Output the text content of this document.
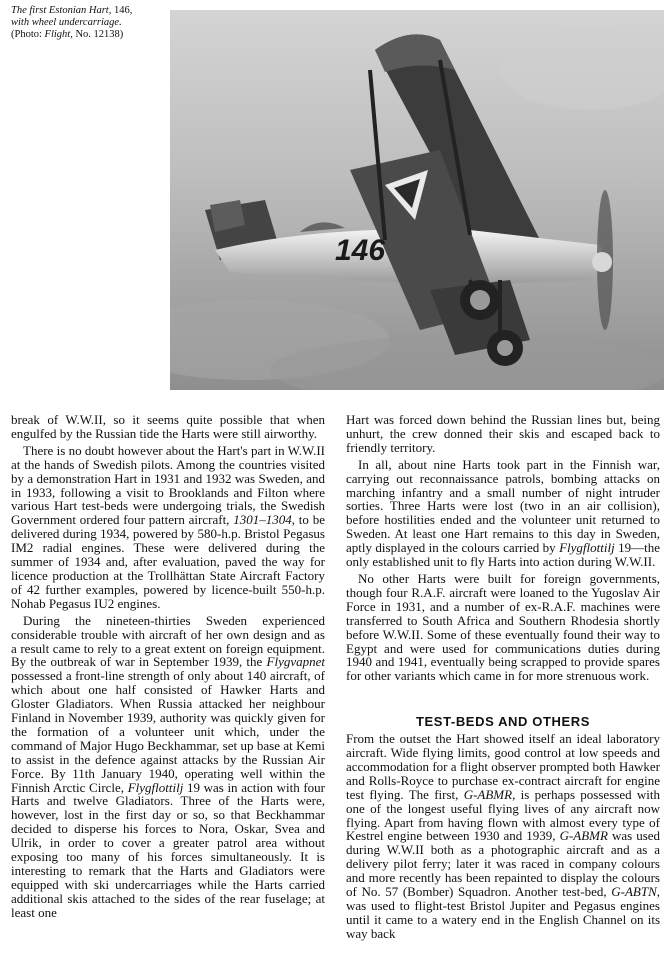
The first Estonian Hart, 146,

with wheel undercarriage.

(Photo: Flight, No. 12138)

146

break of W.W.II, so it seems quite possible that when engulfed by the Russian tide the Harts were still airworthy.

There is no doubt however about the Hart's part in W.W.II at the hands of Swedish pilots. Among the countries visited by a demonstration Hart in 1931 and 1932 was Sweden, and in 1933, following a visit to Brooklands and Filton where various Hart test-beds were undergoing trials, the Swedish Government ordered four pattern aircraft, 1301–1304, to be delivered during 1934, powered by 580-h.p. Bristol Pegasus IM2 radial engines. These were delivered during the summer of 1934 and, after evaluation, paved the way for licence production at the Trollhättan State Aircraft Factory of 42 further examples, powered by licence-built 550-h.p. Nohab Pegasus IU2 engines.

During the nineteen-thirties Sweden experienced considerable trouble with aircraft of her own design and as a result came to rely to a great extent on foreign equipment. By the outbreak of war in September 1939, the Flygvapnet possessed a front-line strength of only about 140 aircraft, of which about one half consisted of Hawker Harts and Gloster Gladiators. When Russia attacked her neighbour Finland in November 1939, authority was quickly given for the formation of a volunteer unit which, under the command of Major Hugo Beckhammar, set up base at Kemi to assist in the defence against attacks by the Russian Air Force. By 11th January 1940, operating well within the Finnish Arctic Circle, Flygflottilj 19 was in action with four Harts and twelve Gladiators. Three of the Harts were, however, lost in the first day or so, so that Beckhammar decided to disperse his forces to Nora, Oskar, Svea and Ulrik, in order to cover a greater patrol area without exposing too many of his forces simultaneously. It is interesting to remark that the Harts and Gladiators were equipped with ski undercarriages while the Harts carried additional skis attached to the sides of the rear fuselage; at least one

Hart was forced down behind the Russian lines but, being unhurt, the crew donned their skis and escaped back to friendly territory.

In all, about nine Harts took part in the Finnish war, carrying out reconnaissance patrols, bombing attacks on marching infantry and a small number of night intruder sorties. Three Harts were lost (two in an air collision), before hostilities ended and the volunteer unit returned to Sweden. At least one Hart remains to this day in Sweden, aptly displayed in the colours carried by Flygflottilj 19—the only established unit to fly Harts into action during W.W.II.

No other Harts were built for foreign governments, though four R.A.F. aircraft were loaned to the Yugoslav Air Force in 1931, and a number of ex-R.A.F. machines were transferred to South Africa and Southern Rhodesia shortly before W.W.II. Some of these eventually found their way to Egypt and were used for communications duties during 1940 and 1941, eventually being scrapped to provide spares for other variants which came in for more strenuous work.

TEST-BEDS AND OTHERS

From the outset the Hart showed itself an ideal laboratory aircraft. Wide flying limits, good control at low speeds and accommodation for a flight observer prompted both Hawker and Rolls-Royce to purchase ex-contract aircraft for engine test flying. The first, G-ABMR, is perhaps possessed with one of the longest useful flying lives of any aircraft now flying. Apart from having flown with almost every type of Kestrel engine between 1930 and 1939, G-ABMR was used during W.W.II both as a photographic aircraft and as a delivery pilot ferry; later it was raced in company colours and more recently has been repainted to display the colours of No. 57 (Bomber) Squadron. Another test-bed, G-ABTN, was used to flight-test Bristol Jupiter and Pegasus engines until it came to a watery end in the English Channel on its way back
